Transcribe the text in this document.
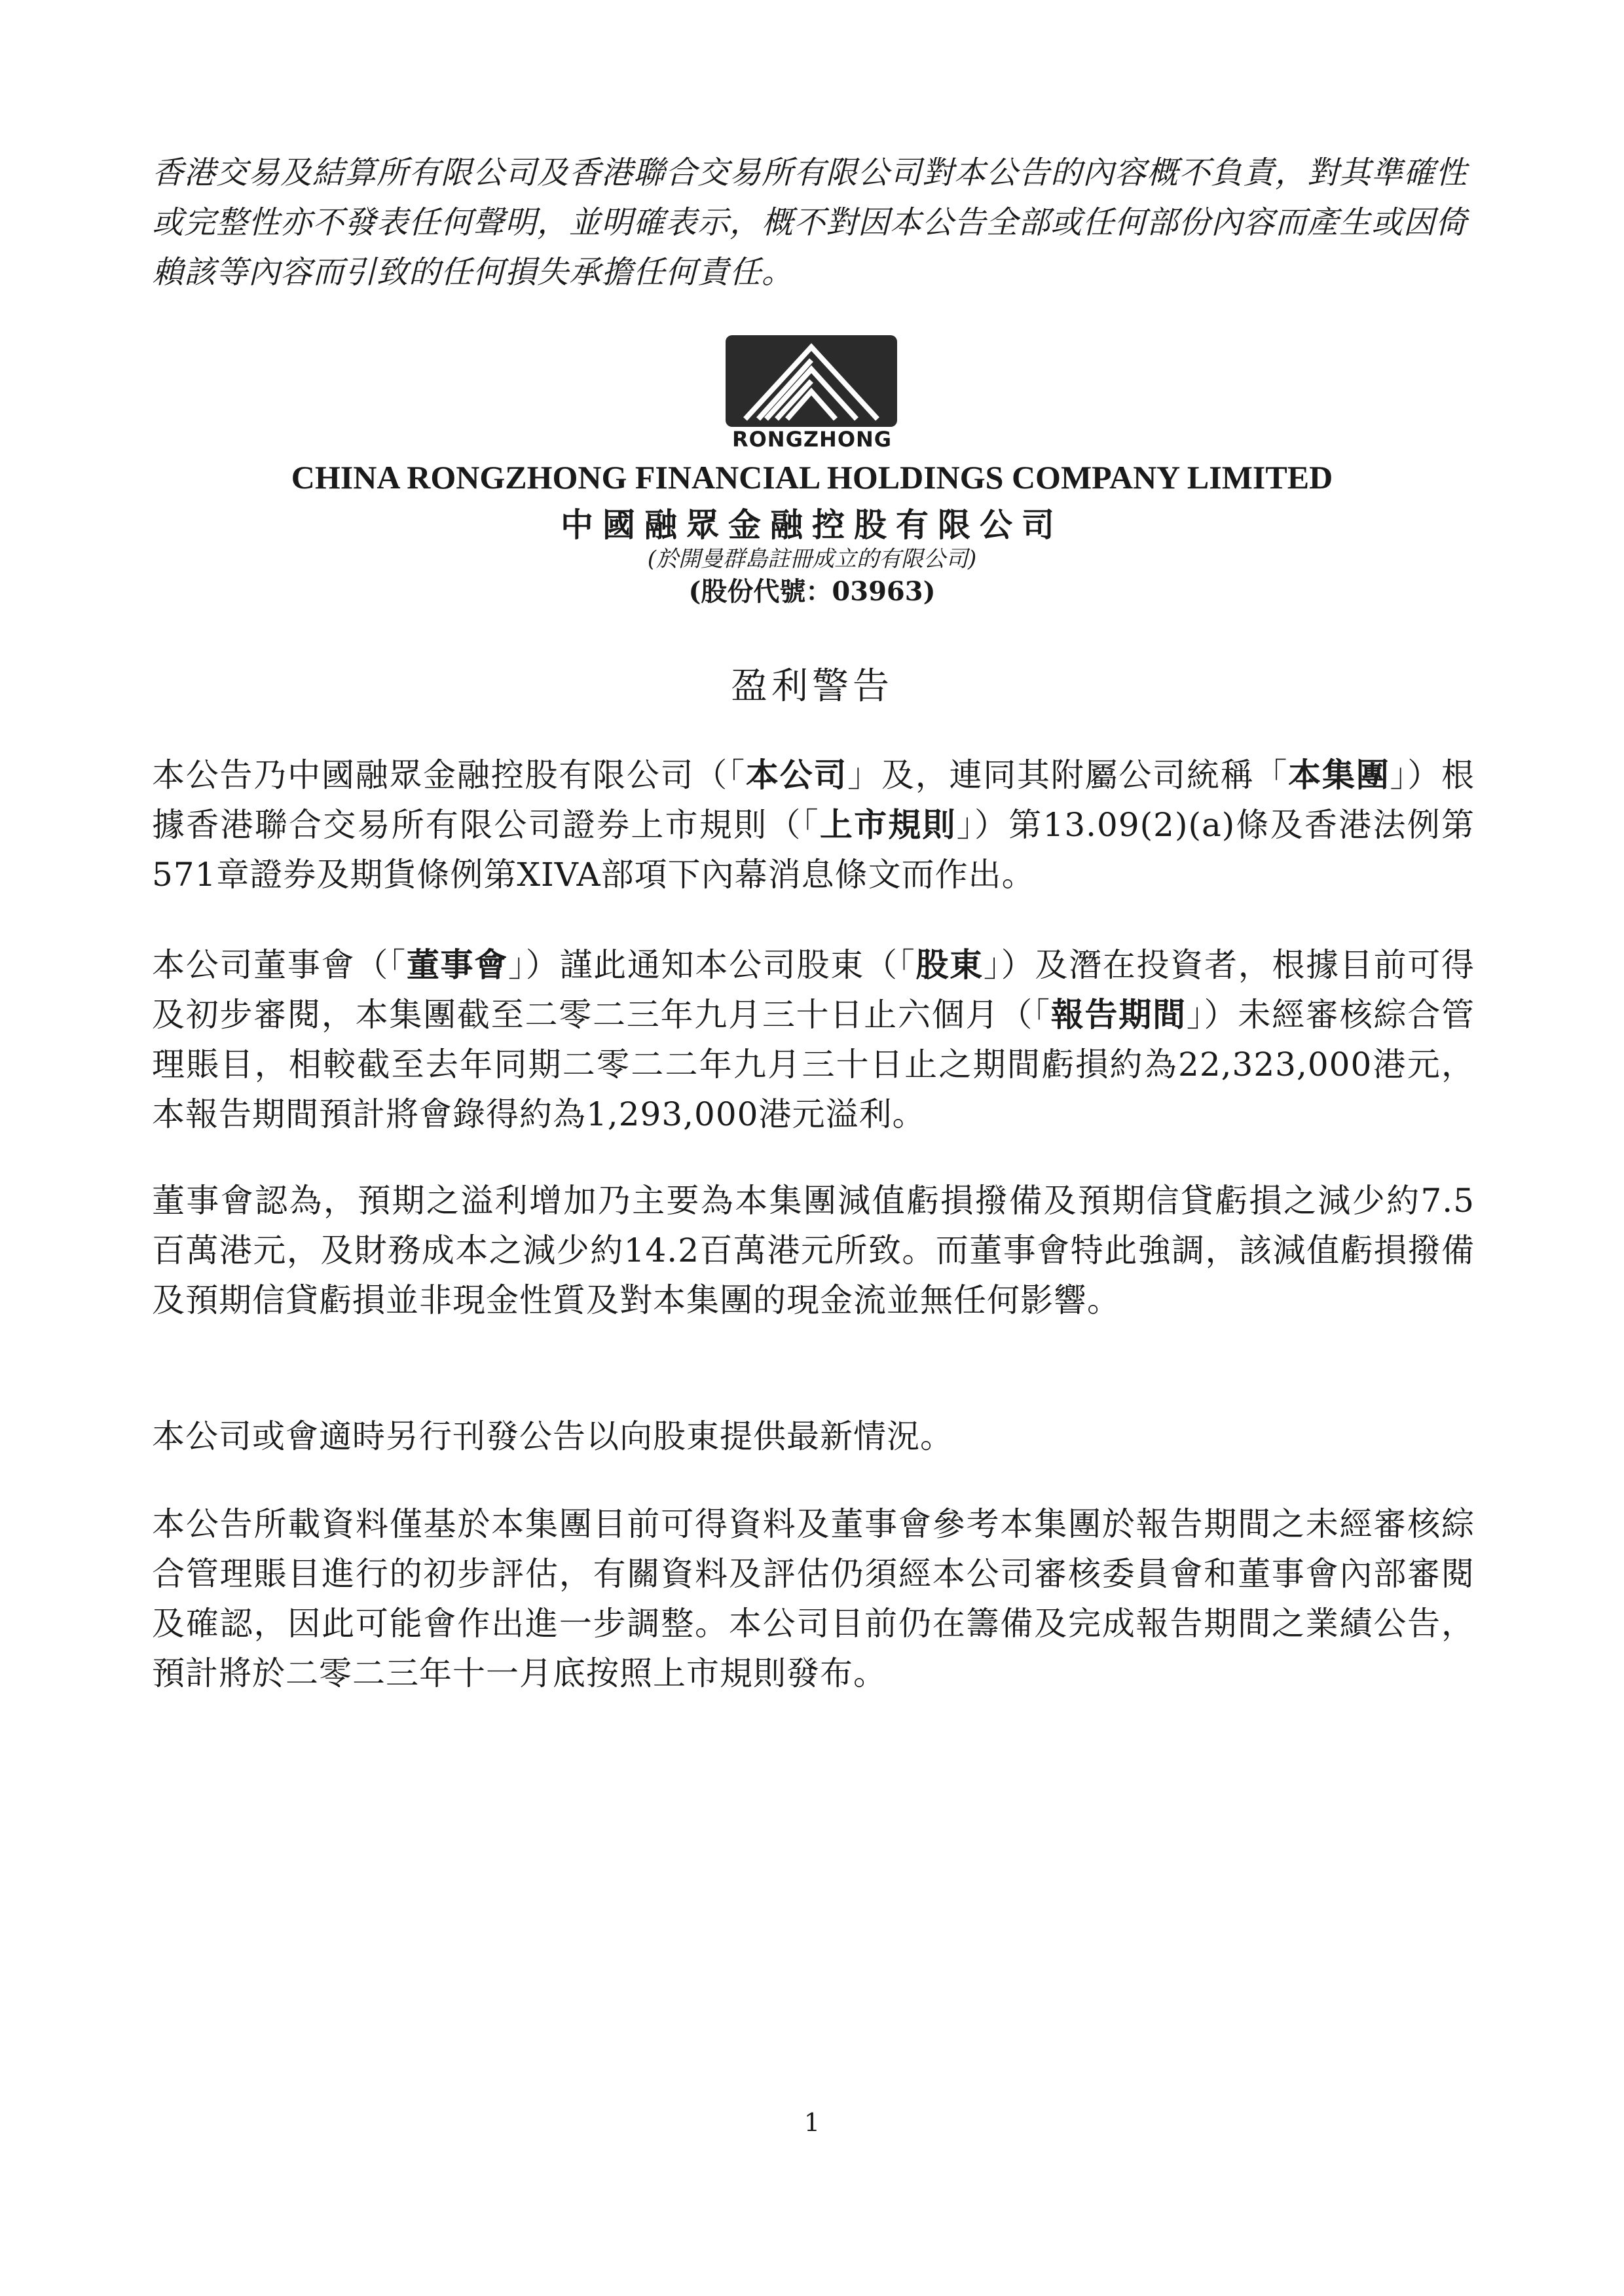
香港交易及結算所有限公司及香港聯合交易所有限公司對本公告的內容概不負責，對其準確性或完整性亦不發表任何聲明，並明確表示，概不對因本公告全部或任何部份內容而產生或因倚賴該等內容而引致的任何損失承擔任何責任。
RONGZHONG
CHINA RONGZHONG FINANCIAL HOLDINGS COMPANY LIMITED
中國融眾金融控股有限公司
(於開曼群島註冊成立的有限公司)
(股份代號：03963)
盈利警告
本公告乃中國融眾金融控股有限公司（「本公司」及，連同其附屬公司統稱「本集團」）根據香港聯合交易所有限公司證券上市規則（「上市規則」）第13.09(2)(a)條及香港法例第571章證券及期貨條例第XIVA部項下內幕消息條文而作出。
本公司董事會（「董事會」）謹此通知本公司股東（「股東」）及潛在投資者，根據目前可得及初步審閱，本集團截至二零二三年九月三十日止六個月（「報告期間」）未經審核綜合管理賬目，相較截至去年同期二零二二年九月三十日止之期間虧損約為22,323,000港元，本報告期間預計將會錄得約為1,293,000港元溢利。
董事會認為，預期之溢利增加乃主要為本集團減值虧損撥備及預期信貸虧損之減少約7.5百萬港元，及財務成本之減少約14.2百萬港元所致。而董事會特此強調，該減值虧損撥備及預期信貸虧損並非現金性質及對本集團的現金流並無任何影響。
本公司或會適時另行刊發公告以向股東提供最新情況。
本公告所載資料僅基於本集團目前可得資料及董事會參考本集團於報告期間之未經審核綜合管理賬目進行的初步評估，有關資料及評估仍須經本公司審核委員會和董事會內部審閱及確認，因此可能會作出進一步調整。本公司目前仍在籌備及完成報告期間之業績公告，預計將於二零二三年十一月底按照上市規則發布。
1
